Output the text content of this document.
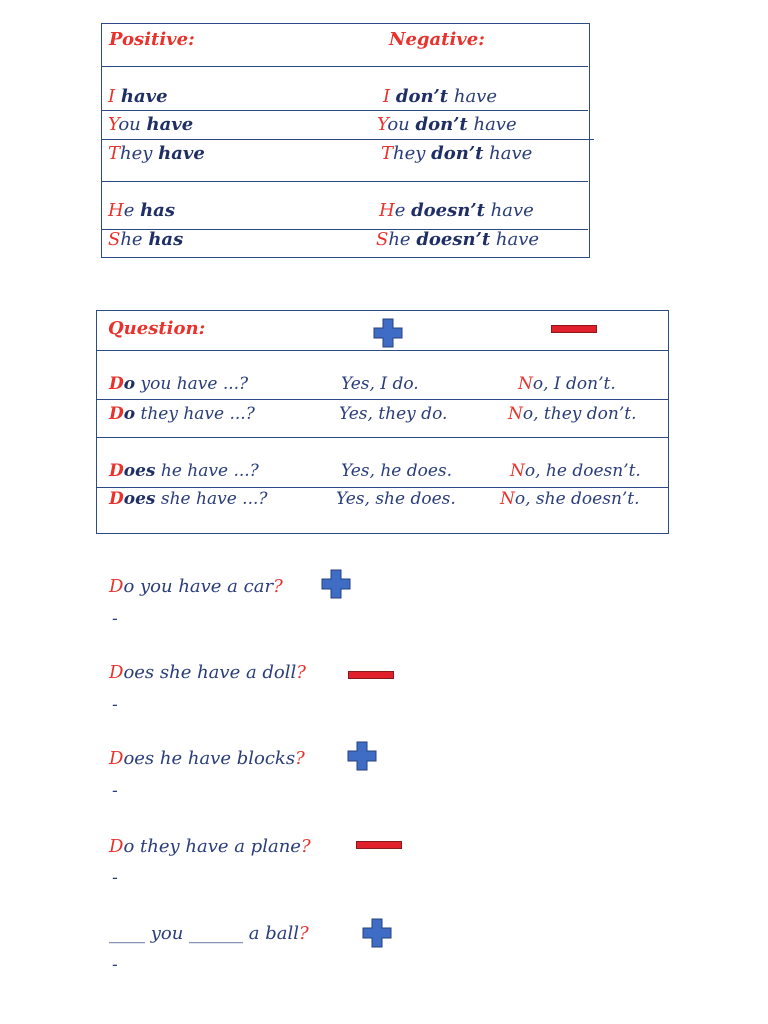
Positive:	Negative:
I have	I don’t have
You have	You don’t have
They have	They don’t have
He has	He doesn’t have
She has	She doesn’t have
Question:
Do you have ...?	Yes, I do.	No, I don’t.
Do they have ...?	Yes, they do.	No, they don’t.
Does he have ...?	Yes, he does.	No, he doesn’t.
Does she have ...?	Yes, she does.	No, she doesn’t.
Do you have a car?
-
Does she have a doll?
-
Does he have blocks?
-
Do they have a plane?
-
____ you ______ a ball?
-
